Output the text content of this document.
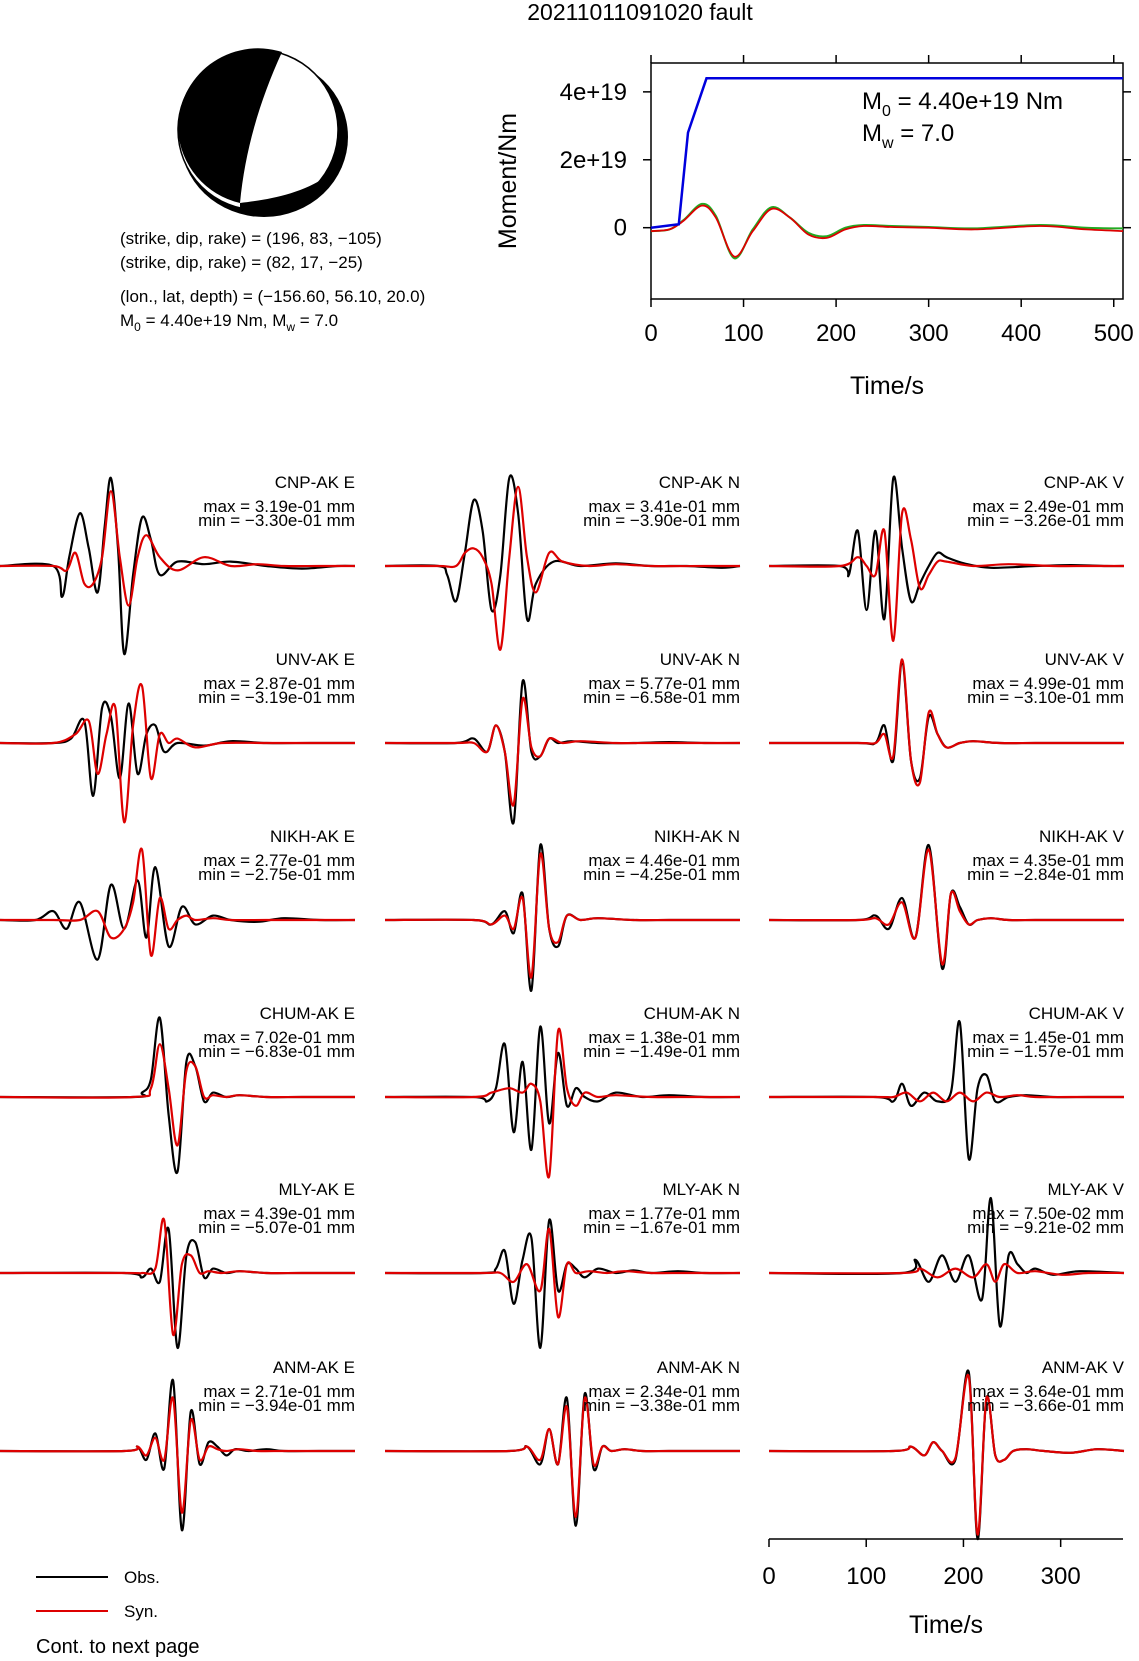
20211011091020 fault
(strike, dip, rake) = (196, 83, −105)
(strike, dip, rake) = (82, 17, −25)
(lon., lat, depth) = (−156.60, 56.10, 20.0)
$M_0 = 4.40e+19$ Nm, $M_w = 7.0$
0
2e+19
4e+19
0	100 200 300 400 500
Moment/Nm
Time/s
$M_0 = 4.40e+19$ Nm
$M_w = 7.0$
CNP-AK E
max = 3.19e-01 mm
min = −3.30e-01 mm
CNP-AK N
max = 3.41e-01 mm
min = −3.90e-01 mm
CNP-AK V
max = 2.49e-01 mm
min = −3.26e-01 mm
UNV-AK E
max = 2.87e-01 mm
min = −3.19e-01 mm
UNV-AK N
max = 5.77e-01 mm
min = −6.58e-01 mm
UNV-AK V
max = 4.99e-01 mm
min = −3.10e-01 mm
NIKH-AK E
max = 2.77e-01 mm
min = −2.75e-01 mm
NIKH-AK N
max = 4.46e-01 mm
min = −4.25e-01 mm
NIKH-AK V
max = 4.35e-01 mm
min = −2.84e-01 mm
CHUM-AK E
max = 7.02e-01 mm
min = −6.83e-01 mm
CHUM-AK N
max = 1.38e-01 mm
min = −1.49e-01 mm
CHUM-AK V
max = 1.45e-01 mm
min = −1.57e-01 mm
MLY-AK E
max = 4.39e-01 mm
min = −5.07e-01 mm
MLY-AK N
max = 1.77e-01 mm
min = −1.67e-01 mm
MLY-AK V
max = 7.50e-02 mm
min = −9.21e-02 mm
ANM-AK E
max = 2.71e-01 mm
min = −3.94e-01 mm
ANM-AK N
max = 2.34e-01 mm
min = −3.38e-01 mm
ANM-AK V
max = 3.64e-01 mm
min = −3.66e-01 mm
0	100 200 300
Time/s
Obs.
Syn.
Cont. to next page
